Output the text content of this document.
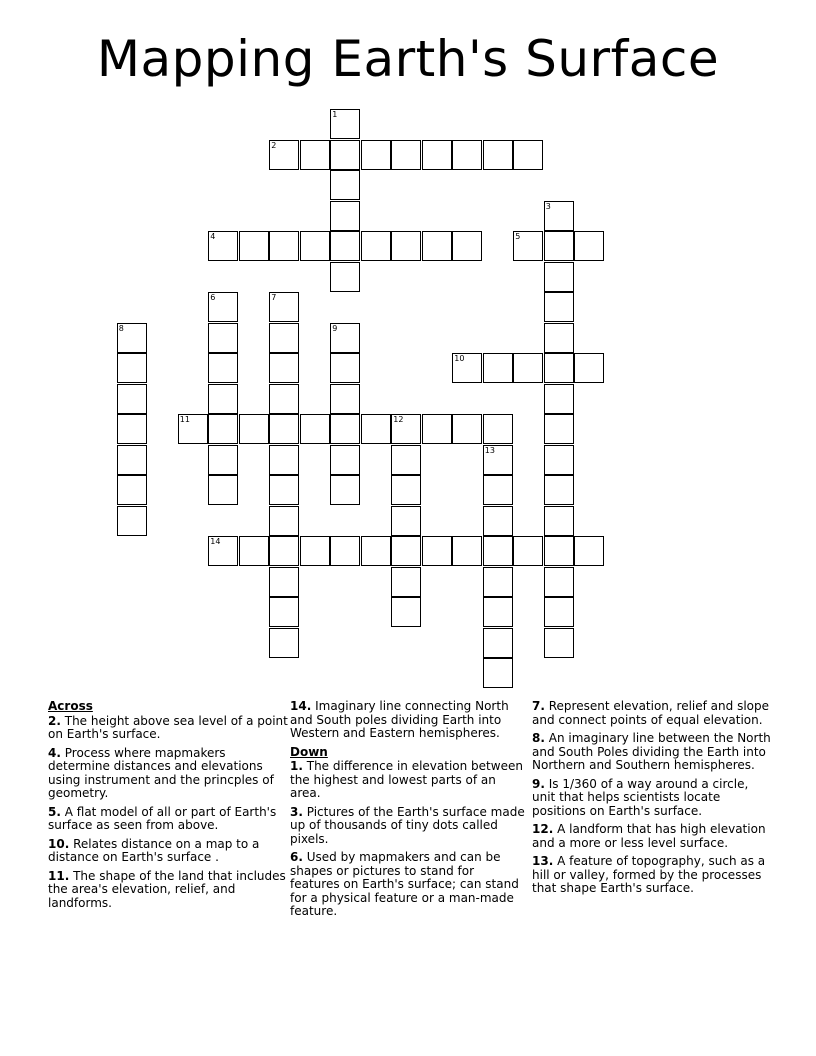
Mapping Earth's Surface
2
4	5
10
11	12
14
1
3
6	7
8	9
13
Across
2. The height above sea level of a point on Earth's surface.
4. Process where mapmakers determine distances and elevations using instrument and the princples of geometry.
5. A flat model of all or part of Earth's surface as seen from above.
10. Relates distance on a map to a distance on Earth's surface .
11. The shape of the land that includes the area's elevation, relief, and landforms.
14. Imaginary line connecting North and South poles dividing Earth into Western and Eastern hemispheres.
Down
1. The difference in elevation between the highest and lowest parts of an area.
3. Pictures of the Earth's surface made up of thousands of tiny dots called pixels.
6. Used by mapmakers and can be shapes or pictures to stand for features on Earth's surface; can stand for a physical feature or a man-made feature.
7. Represent elevation, relief and slope and connect points of equal elevation.
8. An imaginary line between the North and South Poles dividing the Earth into Northern and Southern hemispheres.
9. Is 1/360 of a way around a circle, unit that helps scientists locate positions on Earth's surface.
12. A landform that has high elevation and a more or less level surface.
13. A feature of topography, such as a hill or valley, formed by the processes that shape Earth's surface.
